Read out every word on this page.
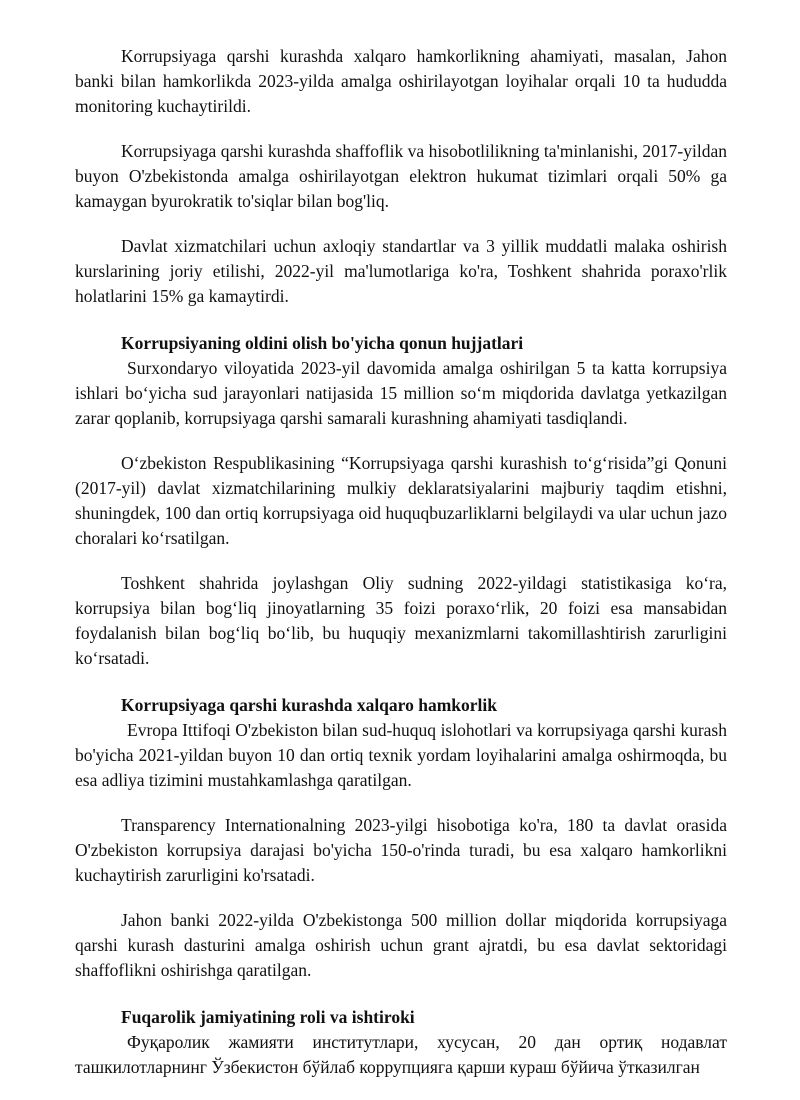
Korrupsiyaga qarshi kurashda xalqaro hamkorlikning ahamiyati, masalan, Jahon banki bilan hamkorlikda 2023-yilda amalga oshirilayotgan loyihalar orqali 10 ta hududda monitoring kuchaytirildi.

Korrupsiyaga qarshi kurashda shaffoflik va hisobotlilikning ta'minlanishi, 2017-yildan buyon O'zbekistonda amalga oshirilayotgan elektron hukumat tizimlari orqali 50% ga kamaygan byurokratik to'siqlar bilan bog'liq.

Davlat xizmatchilari uchun axloqiy standartlar va 3 yillik muddatli malaka oshirish kurslarining joriy etilishi, 2022-yil ma'lumotlariga ko'ra, Toshkent shahrida poraxo'rlik holatlarini 15% ga kamaytirdi.

Korrupsiyaning oldini olish bo'yicha qonun hujjatlari

Surxondaryo viloyatida 2023-yil davomida amalga oshirilgan 5 ta katta korrupsiya ishlari bo‘yicha sud jarayonlari natijasida 15 million so‘m miqdorida davlatga yetkazilgan zarar qoplanib, korrupsiyaga qarshi samarali kurashning ahamiyati tasdiqlandi.

O‘zbekiston Respublikasining “Korrupsiyaga qarshi kurashish to‘g‘risida”gi Qonuni (2017-yil) davlat xizmatchilarining mulkiy deklaratsiyalarini majburiy taqdim etishni, shuningdek, 100 dan ortiq korrupsiyaga oid huquqbuzarliklarni belgilaydi va ular uchun jazo choralari ko‘rsatilgan.

Toshkent shahrida joylashgan Oliy sudning 2022-yildagi statistikasiga ko‘ra, korrupsiya bilan bog‘liq jinoyatlarning 35 foizi poraxo‘rlik, 20 foizi esa mansabidan foydalanish bilan bog‘liq bo‘lib, bu huquqiy mexanizmlarni takomillashtirish zarurligini ko‘rsatadi.

Korrupsiyaga qarshi kurashda xalqaro hamkorlik

Evropa Ittifoqi O'zbekiston bilan sud-huquq islohotlari va korrupsiyaga qarshi kurash bo'yicha 2021-yildan buyon 10 dan ortiq texnik yordam loyihalarini amalga oshirmoqda, bu esa adliya tizimini mustahkamlashga qaratilgan.

Transparency Internationalning 2023-yilgi hisobotiga ko'ra, 180 ta davlat orasida O'zbekiston korrupsiya darajasi bo'yicha 150-o'rinda turadi, bu esa xalqaro hamkorlikni kuchaytirish zarurligini ko'rsatadi.

Jahon banki 2022-yilda O'zbekistonga 500 million dollar miqdorida korrupsiyaga qarshi kurash dasturini amalga oshirish uchun grant ajratdi, bu esa davlat sektoridagi shaffoflikni oshirishga qaratilgan.

Fuqarolik jamiyatining roli va ishtiroki

Фуқаролик жамияти институтлари, хусусан, 20 дан ортиқ нодавлат ташкилотларнинг Ўзбекистон бўйлаб коррупцияга қарши кураш бўйича ўтказилган
